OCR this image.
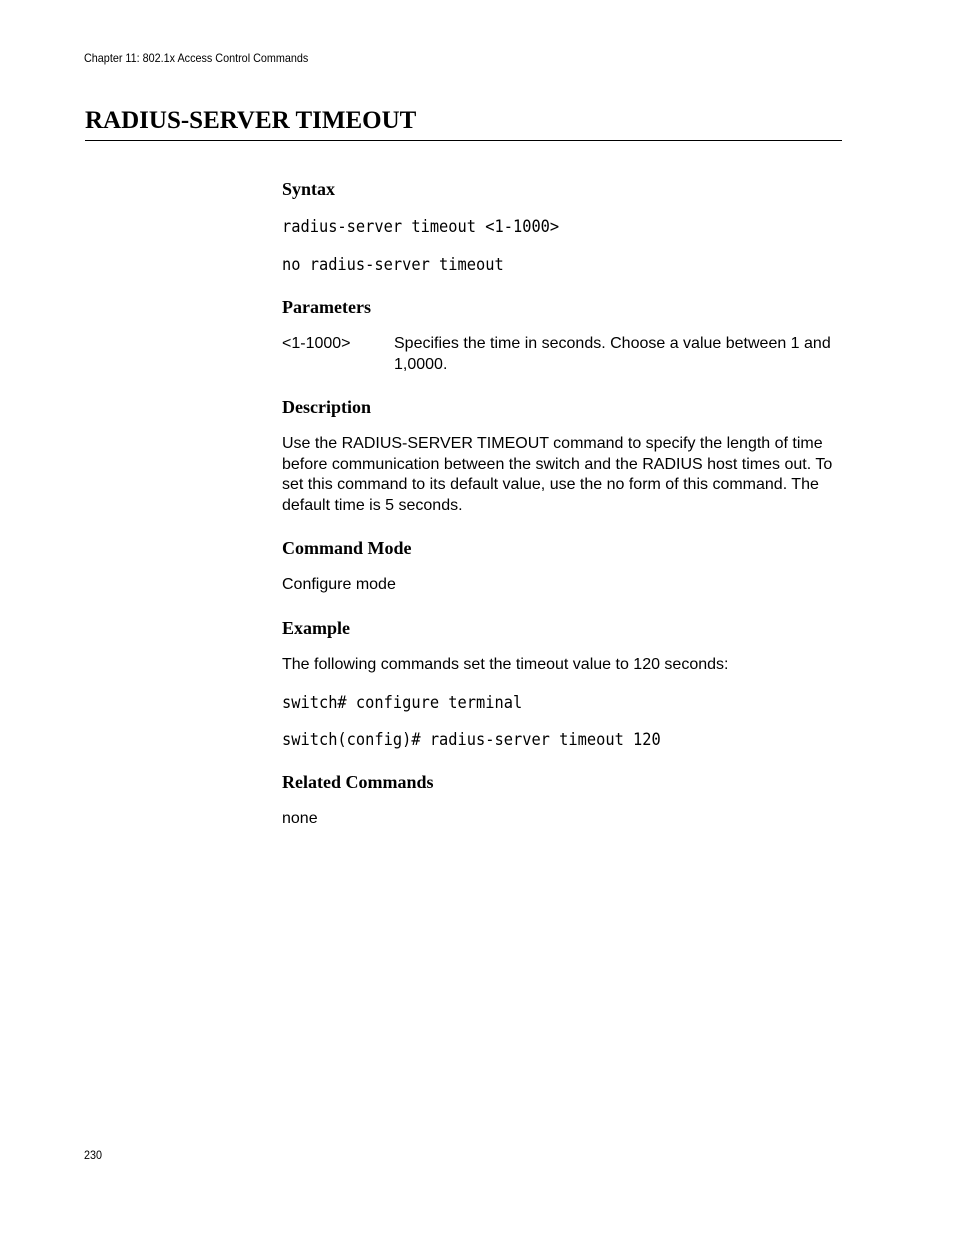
Chapter 11: 802.1x Access Control Commands
RADIUS-SERVER TIMEOUT
Syntax

radius-server timeout <1-1000>

no radius-server timeout

Parameters
<1-1000>	Specifies the time in seconds. Choose a value between 1 and 1,0000.
Description

Use the RADIUS-SERVER TIMEOUT command to specify the length of time before communication between the switch and the RADIUS host times out. To set this command to its default value, use the no form of this command. The default time is 5 seconds.

Command Mode

Configure mode

Example

The following commands set the timeout value to 120 seconds:

switch# configure terminal

switch(config)# radius-server timeout 120

Related Commands

none

230
